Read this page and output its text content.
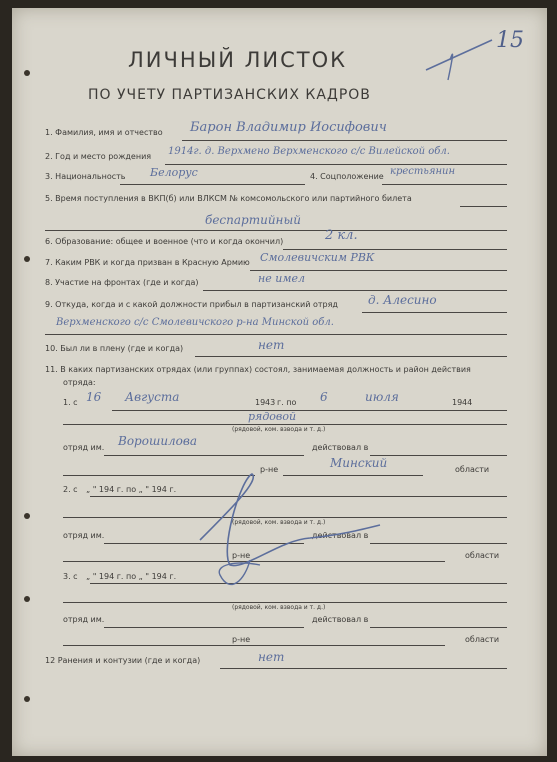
15
ЛИЧНЫЙ ЛИСТОК
ПО УЧЕТУ ПАРТИЗАНСКИХ КАДРОВ
1. Фамилия, имя и отчество Барон Владимир Иосифович
2. Год и место рождения 1914г. д. Верхмено Верхменского с/с Вилейской обл.
3. Национальность Белорус	4. Соцположение крестьянин
5. Время поступления в ВКП(б) или ВЛКСМ № комсомольского или партийного билета
беспартийный
6. Образование: общее и военное (что и когда окончил)	2 кл.
7. Каким РВК и когда призван в Красную Армию Смолевичским РВК
8. Участие на фронтах (где и когда)	не имел
9. Откуда, когда и с какой должности прибыл в партизанский отряд	д. Алесино
Верхменского с/с Смолевичского р-на Минской обл.
10. Был ли в плену (где и когда)	нет
11. В каких партизанских отрядах (или группах) состоял, занимаемая должность и район действия
отряда:
1. с 16 Августа	19 43 г. по 6	июля	19 44
рядовой
(рядовой, ком. взвода и т. д.)
отряд им. Ворошилова	действовал в
р-не	Минский	области
2. с „ " 194 г. по „ " 194 г.
(рядовой, ком. взвода и т. д.)
отряд им.	действовал в
р-не	области
3. с „ " 194 г. по „ " 194 г.
(рядовой, ком. взвода и т. д.)
отряд им.	действовал в
р-не	области
12 Ранения и контузии (где и когда)	нет
